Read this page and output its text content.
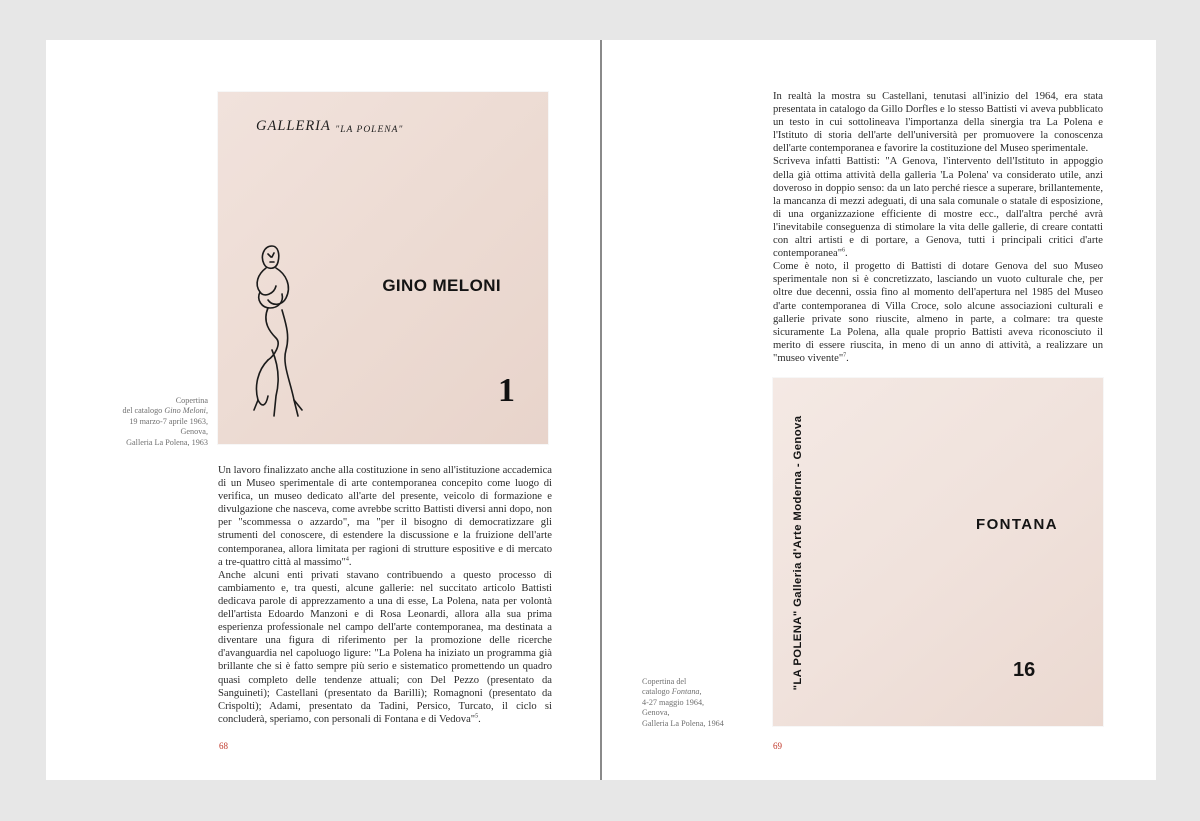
Copertina
del catalogo Gino Meloni,
19 marzo-7 aprile 1963,
Genova,
Galleria La Polena, 1963
GALLERIA "LA POLENA"
GINO MELONI
1

Un lavoro finalizzato anche alla costituzione in seno all'istituzione accademica di un Museo sperimentale di arte contemporanea concepito come luogo di verifica, un museo dedicato all'arte del presente, veicolo di formazione e divulgazione che nasceva, come avrebbe scritto Battisti diversi anni dopo, non per "scommessa o azzardo", ma "per il bisogno di democratizzare gli strumenti del conoscere, di estendere la discussione e la fruizione dell'arte contemporanea, allora limitata per ragioni di strutture espositive e di mercato a tre-quattro città al massimo"$^4$.

Anche alcuni enti privati stavano contribuendo a questo processo di cambiamento e, tra questi, alcune gallerie: nel succitato articolo Battisti dedicava parole di apprezzamento a una di esse, La Polena, nata per volontà dell'artista Edoardo Manzoni e di Rosa Leonardi, allora alla sua prima esperienza professionale nel campo dell'arte contemporanea, ma destinata a diventare una figura di riferimento per la promozione delle ricerche d'avanguardia nel capoluogo ligure: "La Polena ha iniziato un programma già brillante che si è fatto sempre più serio e sistematico promettendo un quadro quasi completo delle tendenze attuali; con Del Pezzo (presentato da Sanguineti); Castellani (presentato da Barilli); Romagnoni (presentato da Crispolti); Adami, presentato da Tadini, Persico, Turcato, il ciclo si concluderà, speriamo, con personali di Fontana e di Vedova"$^5$.

68

In realtà la mostra su Castellani, tenutasi all'inizio del 1964, era stata presentata in catalogo da Gillo Dorfles e lo stesso Battisti vi aveva pubblicato un testo in cui sottolineava l'importanza della sinergia tra La Polena e l'Istituto di storia dell'arte dell'università per promuovere la conoscenza dell'arte contemporanea e favorire la costituzione del Museo sperimentale.

Scriveva infatti Battisti: "A Genova, l'intervento dell'Istituto in appoggio della già ottima attività della galleria 'La Polena' va considerato utile, anzi doveroso in doppio senso: da un lato perché riesce a superare, brillantemente, la mancanza di mezzi adeguati, di una sala comunale o statale di esposizione, di una organizzazione efficiente di mostre ecc., dall'altra perché avrà l'inevitabile conseguenza di stimolare la vita delle gallerie, di creare contatti con altri artisti e di portare, a Genova, tutti i principali critici d'arte contemporanea"$^6$.

Come è noto, il progetto di Battisti di dotare Genova del suo Museo sperimentale non si è concretizzato, lasciando un vuoto culturale che, per oltre due decenni, ossia fino al momento dell'apertura nel 1985 del Museo d'arte contemporanea di Villa Croce, solo alcune associazioni culturali e gallerie private sono riuscite, almeno in parte, a colmare: tra queste sicuramente La Polena, alla quale proprio Battisti aveva riconosciuto il merito di essere riuscita, in meno di un anno di attività, a realizzare un "museo vivente"$^7$.

"LA POLENA" Galleria d'Arte Moderna - Genova	FONTANA
16
Copertina del
catalogo Fontana,
4-27 maggio 1964,
Genova,
Galleria La Polena, 1964
69
